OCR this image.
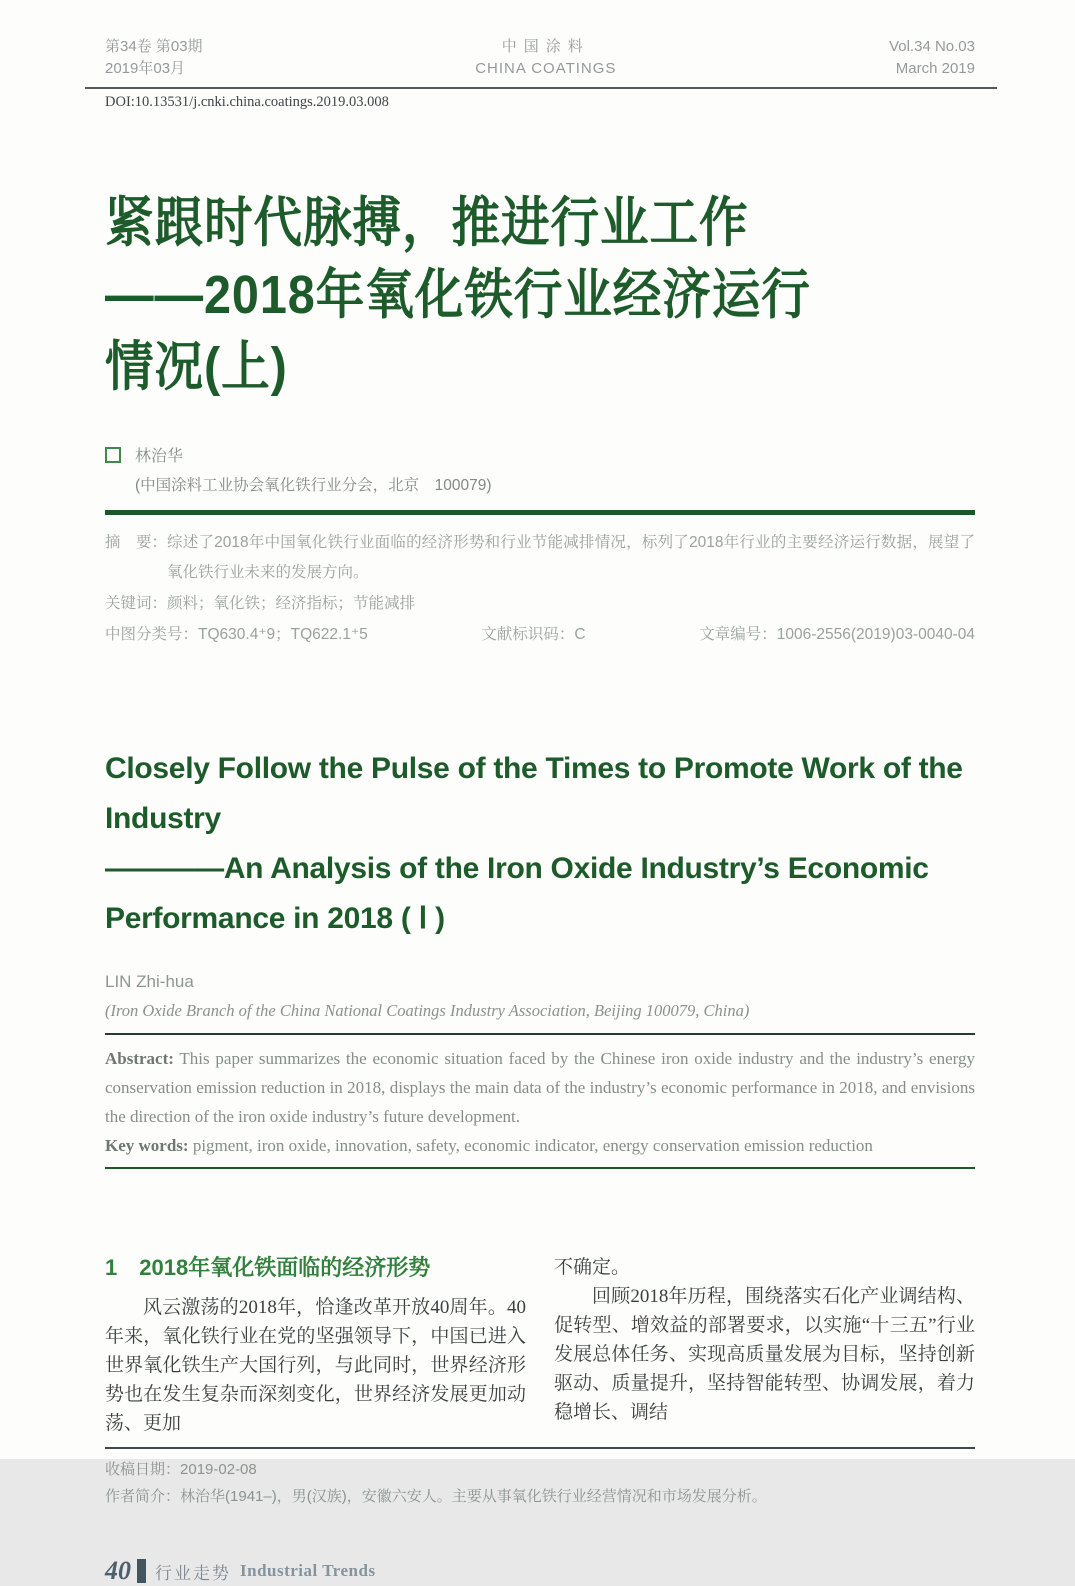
第34卷 第03期
2019年03月
中国涂料
CHINA COATINGS
Vol.34 No.03
March 2019
DOI:10.13531/j.cnki.china.coatings.2019.03.008
紧跟时代脉搏，推进行业工作
——2018年氧化铁行业经济运行
情况(上)
林治华
(中国涂料工业协会氧化铁行业分会，北京　100079)
摘　要： 综述了2018年中国氧化铁行业面临的经济形势和行业节能减排情况，标列了2018年行业的主要经济运行数据，展望了氧化铁行业未来的发展方向。
关键词：颜料；氧化铁；经济指标；节能减排
中图分类号：TQ630.4⁺9；TQ622.1⁺5	文献标识码：C	文章编号：1006-2556(2019)03-0040-04
Closely Follow the Pulse of the Times to Promote Work of the Industry
————An Analysis of the Iron Oxide Industry’s Economic Performance in 2018 ( Ⅰ )
LIN Zhi-hua
(Iron Oxide Branch of the China National Coatings Industry Association, Beijing 100079, China)
Abstract: This paper summarizes the economic situation faced by the Chinese iron oxide industry and the industry’s energy conservation emission reduction in 2018, displays the main data of the industry’s economic performance in 2018, and envisions the direction of the iron oxide industry’s future development.
Key words: pigment, iron oxide, innovation, safety, economic indicator, energy conservation emission reduction
1 2018年氧化铁面临的经济形势
风云激荡的2018年，恰逢改革开放40周年。40年来，氧化铁行业在党的坚强领导下，中国已进入世界氧化铁生产大国行列，与此同时，世界经济形势也在发生复杂而深刻变化，世界经济发展更加动荡、更加
不确定。
回顾2018年历程，围绕落实石化产业调结构、促转型、增效益的部署要求，以实施“十三五”行业发展总体任务、实现高质量发展为目标，坚持创新驱动、质量提升，坚持智能转型、协调发展，着力稳增长、调结
收稿日期：2019-02-08
作者简介：林治华(1941–)，男(汉族)，安徽六安人。主要从事氧化铁行业经营情况和市场发展分析。
40 行业走势 Industrial Trends
